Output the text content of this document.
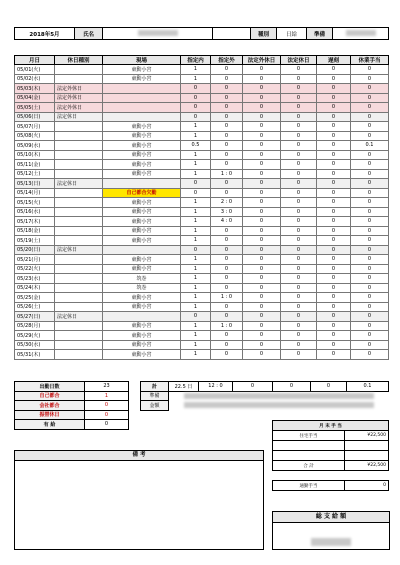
2018年5月	氏名			種別	日給	準備	
月日	休日種別	現場	指定内	指定外	法定外休日	法定休日	遅刻	休業手当
05/01(火)		東動小宮	1	0	0	0	0	0
05/02(水)		東動小宮	1	0	0	0	0	0
05/03(木)	法定外休日		0	0	0	0	0	0
05/04(金)	法定外休日		0	0	0	0	0	0
05/05(土)	法定外休日		0	0	0	0	0	0
05/06(日)	法定休日		0	0	0	0	0	0
05/07(月)		東動小宮	1	0	0	0	0	0
05/08(火)		東動小宮	1	0	0	0	0	0
05/09(水)		東動小宮	0.5	0	0	0	0	0.1
05/10(木)		東動小宮	1	0	0	0	0	0
05/11(金)		東動小宮	1	0	0	0	0	0
05/12(土)		東動小宮	1	1 : 0	0	0	0	0
05/13(日)	法定休日		0	0	0	0	0	0
05/14(月)		自己都合欠勤	0	0	0	0	0	0
05/15(火)		東動小宮	1	2 : 0	0	0	0	0
05/16(水)		東動小宮	1	3 : 0	0	0	0	0
05/17(木)		東動小宮	1	4 : 0	0	0	0	0
05/18(金)		東動小宮	1	0	0	0	0	0
05/19(土)		東動小宮	1	0	0	0	0	0
05/20(日)	法定休日		0	0	0	0	0	0
05/21(月)		東動小宮	1	0	0	0	0	0
05/22(火)		東動小宮	1	0	0	0	0	0
05/23(水)		筑巻	1	0	0	0	0	0
05/24(木)		筑巻	1	0	0	0	0	0
05/25(金)		東動小宮	1	1 : 0	0	0	0	0
05/26(土)		東動小宮	1	0	0	0	0	0
05/27(日)	法定休日		0	0	0	0	0	0
05/28(月)		東動小宮	1	1 : 0	0	0	0	0
05/29(火)		東動小宮	1	0	0	0	0	0
05/30(水)		東動小宮	1	0	0	0	0	0
05/31(木)		東動小宮	1	0	0	0	0	0
出勤日数	23
自己都合	1
会社都合	0
振替休日	0
有 給	0
計	22.5 日	12 : 0	0	0	0	0.1
準備						
金額						
備 考
月 末 手 当	
住宅手当	¥22,500

合 計	¥22,500

通勤手当	0
総 支 給 額
